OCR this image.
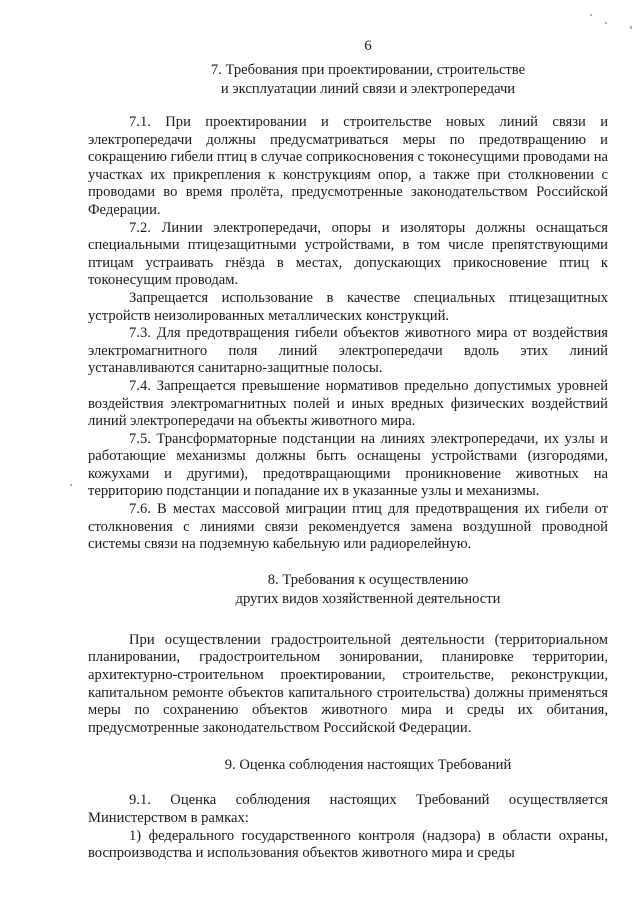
6
7. Требования при проектировании, строительстве
и эксплуатации линий связи и электропередачи
7.1. При проектировании и строительстве новых линий связи и электропередачи должны предусматриваться меры по предотвращению и сокращению гибели птиц в случае соприкосновения с токонесущими проводами на участках их прикрепления к конструкциям опор, а также при столкновении с проводами во время пролёта, предусмотренные законодательством Российской Федерации.
7.2. Линии электропередачи, опоры и изоляторы должны оснащаться специальными птицезащитными устройствами, в том числе препятствующими птицам устраивать гнёзда в местах, допускающих прикосновение птиц к токонесущим проводам.
Запрещается использование в качестве специальных птицезащитных устройств неизолированных металлических конструкций.
7.3. Для предотвращения гибели объектов животного мира от воздействия электромагнитного поля линий электропередачи вдоль этих линий устанавливаются санитарно-защитные полосы.
7.4. Запрещается превышение нормативов предельно допустимых уровней воздействия электромагнитных полей и иных вредных физических воздействий линий электропередачи на объекты животного мира.
7.5. Трансформаторные подстанции на линиях электропередачи, их узлы и работающие механизмы должны быть оснащены устройствами (изгородями, кожухами и другими), предотвращающими проникновение животных на территорию подстанции и попадание их в указанные узлы и механизмы.
7.6. В местах массовой миграции птиц для предотвращения их гибели от столкновения с линиями связи рекомендуется замена воздушной проводной системы связи на подземную кабельную или радиорелейную.
8. Требования к осуществлению
других видов хозяйственной деятельности
При осуществлении градостроительной деятельности (территориальном планировании, градостроительном зонировании, планировке территории, архитектурно-строительном проектировании, строительстве, реконструкции, капитальном ремонте объектов капитального строительства) должны применяться меры по сохранению объектов животного мира и среды их обитания, предусмотренные законодательством Российской Федерации.
9. Оценка соблюдения настоящих Требований
9.1. Оценка соблюдения настоящих Требований осуществляется Министерством в рамках:
1) федерального государственного контроля (надзора) в области охраны, воспроизводства и использования объектов животного мира и среды
